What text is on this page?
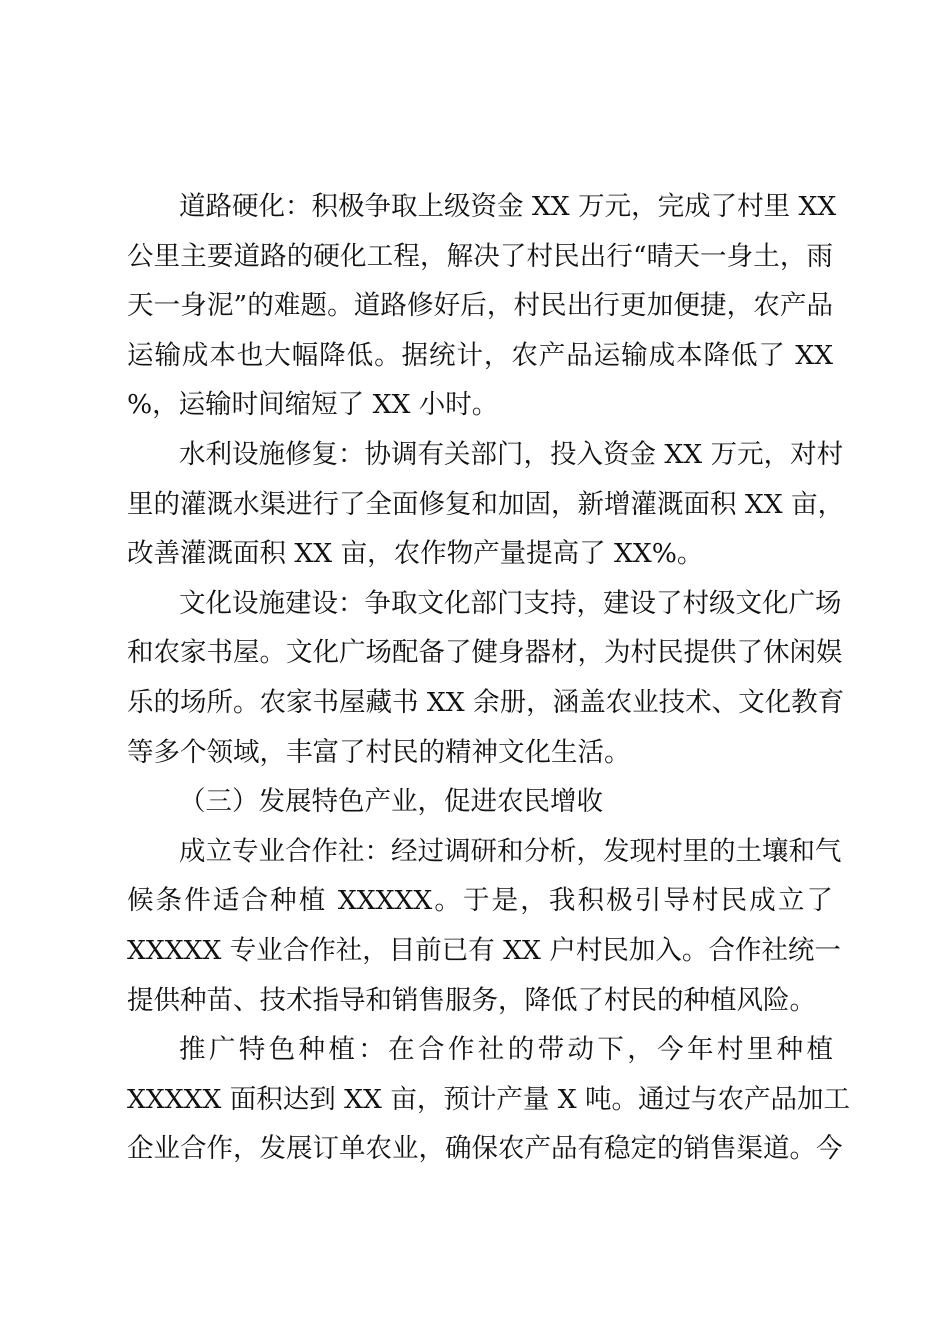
道路硬化：积极争取上级资金 XX 万元，完成了村里 XX
公里主要道路的硬化工程，解决了村民出行“晴天一身土，雨
天一身泥”的难题。道路修好后，村民出行更加便捷，农产品
运输成本也大幅降低。据统计，农产品运输成本降低了 XX
%，运输时间缩短了 XX 小时。
水利设施修复：协调有关部门，投入资金 XX 万元，对村
里的灌溉水渠进行了全面修复和加固，新增灌溉面积 XX 亩，
改善灌溉面积 XX 亩，农作物产量提高了 XX%。
文化设施建设：争取文化部门支持，建设了村级文化广场
和农家书屋。文化广场配备了健身器材，为村民提供了休闲娱
乐的场所。农家书屋藏书 XX 余册，涵盖农业技术、文化教育
等多个领域，丰富了村民的精神文化生活。
（三）发展特色产业，促进农民增收
成立专业合作社：经过调研和分析，发现村里的土壤和气
候条件适合种植 XXXXX。于是，我积极引导村民成立了
XXXXX 专业合作社，目前已有 XX 户村民加入。合作社统一
提供种苗、技术指导和销售服务，降低了村民的种植风险。
推广特色种植：在合作社的带动下，今年村里种植
XXXXX 面积达到 XX 亩，预计产量 X 吨。通过与农产品加工
企业合作，发展订单农业，确保农产品有稳定的销售渠道。今
